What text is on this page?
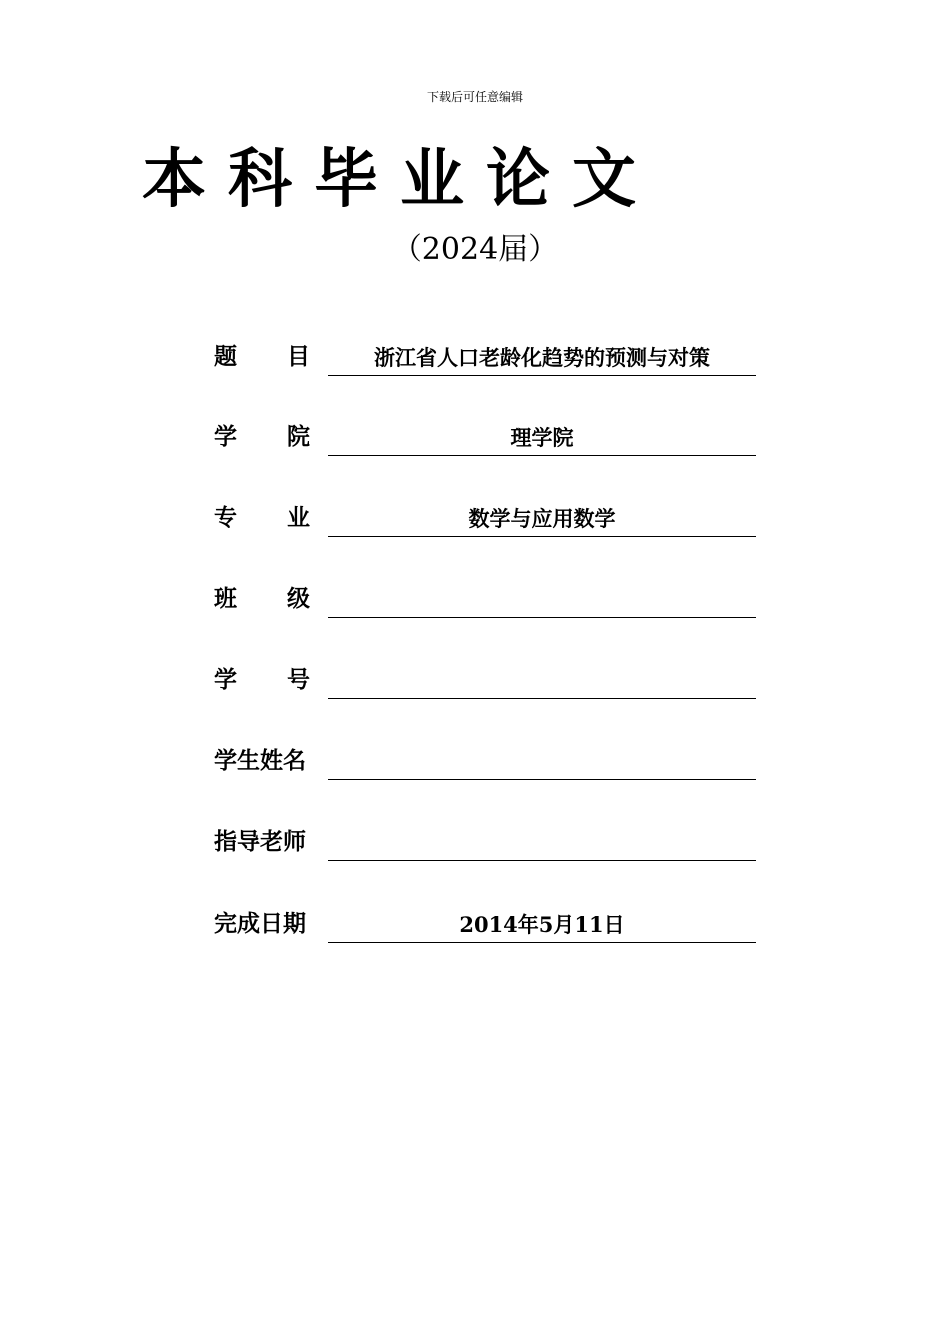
下载后可任意编辑
本科毕业论文
（2024届）
题目	浙江省人口老龄化趋势的预测与对策
学院	理学院
专业	数学与应用数学
班级
学号
学生姓名
指导老师
完成日期	2014年5月11日
